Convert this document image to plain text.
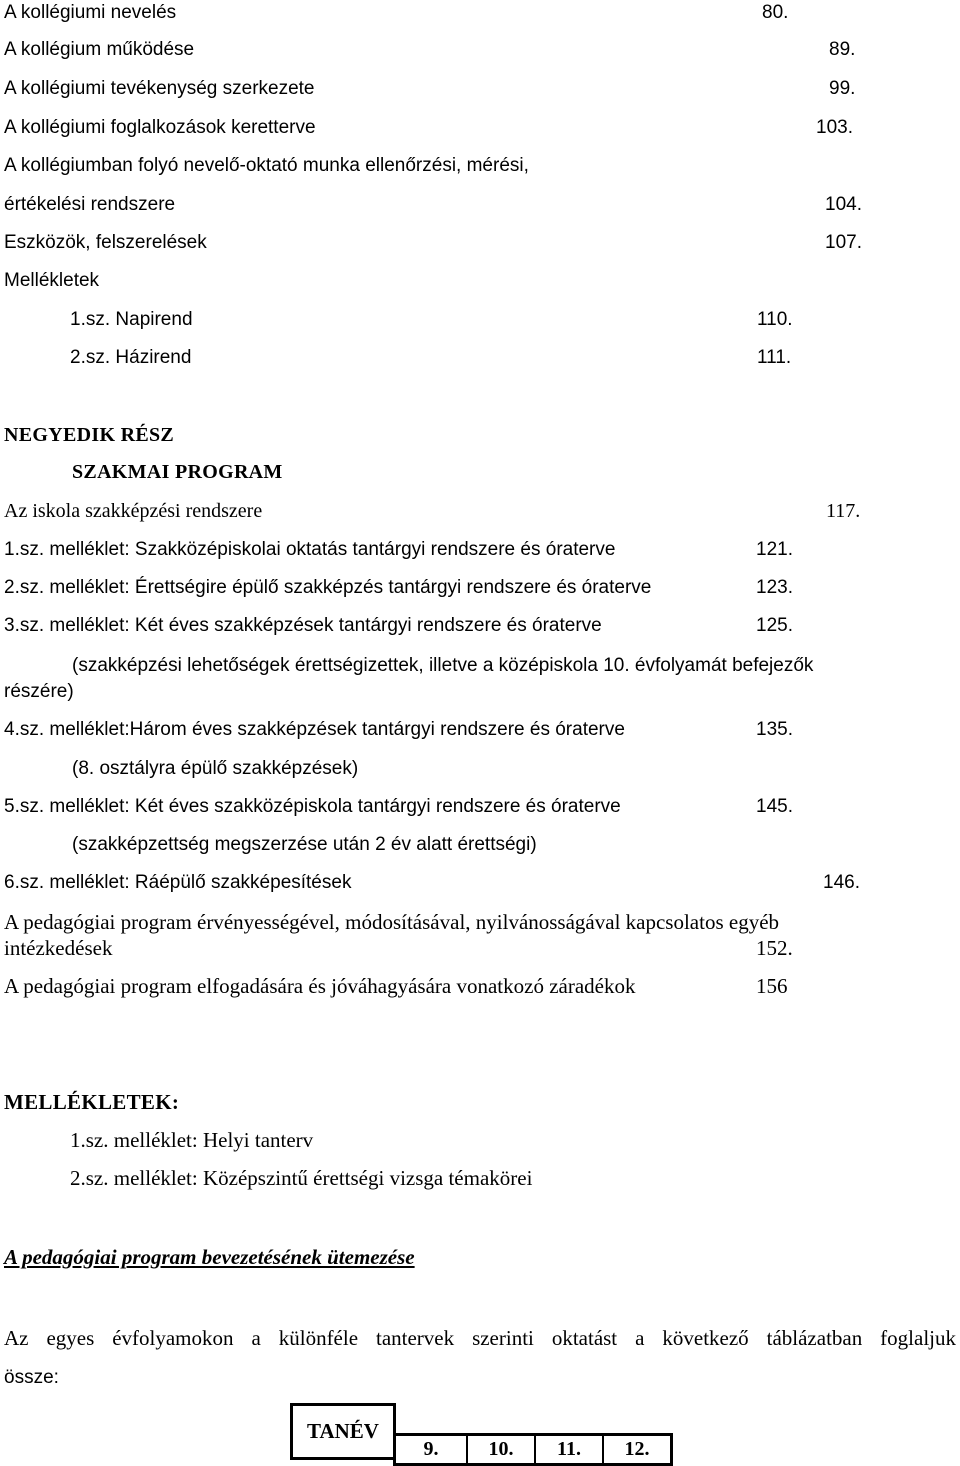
A kollégiumi nevelés	80.
A kollégium működése	89.
A kollégiumi tevékenység szerkezete	99.
A kollégiumi foglalkozások keretterve	103.
A kollégiumban folyó nevelő-oktató munka ellenőrzési, mérési,
értékelési rendszere	104.
Eszközök, felszerelések	107.
Mellékletek
1.sz. Napirend	110.
2.sz. Házirend	111.
NEGYEDIK RÉSZ
SZAKMAI PROGRAM
Az iskola szakképzési rendszere	117.
1.sz. melléklet: Szakközépiskolai oktatás tantárgyi rendszere és óraterve	121.
2.sz. melléklet: Érettségire épülő szakképzés tantárgyi rendszere és óraterve	123.
3.sz. melléklet: Két éves szakképzések tantárgyi rendszere és óraterve	125.
(szakképzési lehetőségek érettségizettek, illetve a középiskola 10. évfolyamát befejezők
részére)
4.sz. melléklet:Három éves szakképzések tantárgyi rendszere és óraterve	135.
(8. osztályra épülő szakképzések)
5.sz. melléklet: Két éves szakközépiskola tantárgyi rendszere és óraterve	145.
(szakképzettség megszerzése után 2 év alatt érettségi)
6.sz. melléklet: Ráépülő szakképesítések	146.
A pedagógiai program érvényességével, módosításával, nyilvánosságával kapcsolatos egyéb
intézkedések	152.
A pedagógiai program elfogadására és jóváhagyására vonatkozó záradékok	156
MELLÉKLETEK:
1.sz. melléklet: Helyi tanterv
2.sz. melléklet: Középszintű érettségi vizsga témakörei
A pedagógiai program bevezetésének ütemezése
Az egyes évfolyamokon a különféle tantervek szerinti oktatást a következő táblázatban foglaljuk
össze:
TANÉV
9.	10.	11.	12.
